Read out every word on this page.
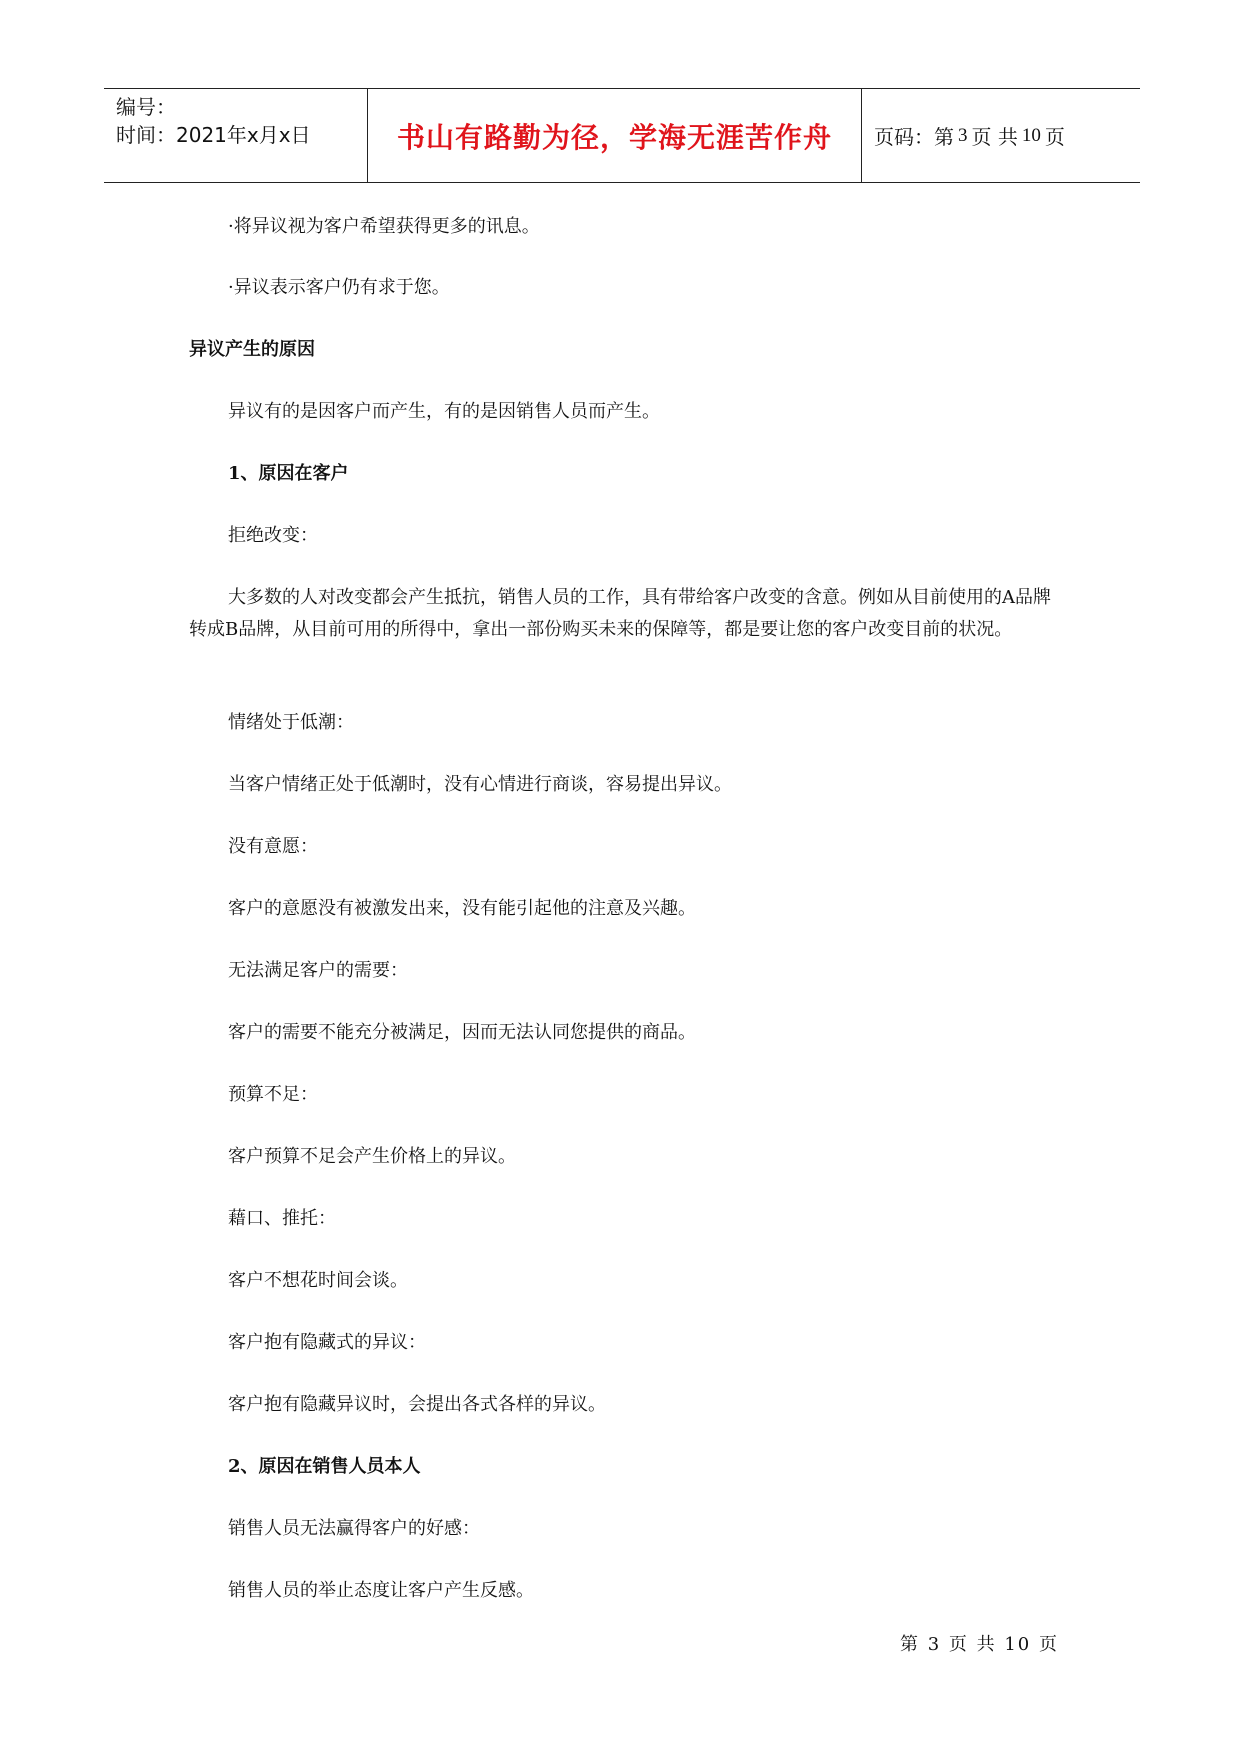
编号：
时间：2021年x月x日	书山有路勤为径，学海无涯苦作舟 页码：第 3 页 共 10 页
·将异议视为客户希望获得更多的讯息。
·异议表示客户仍有求于您。
异议产生的原因
异议有的是因客户而产生，有的是因销售人员而产生。
1、原因在客户
拒绝改变：
大多数的人对改变都会产生抵抗，销售人员的工作，具有带给客户改变的含意。例如从目前使用的A品牌转成B品牌，从目前可用的所得中，拿出一部份购买未来的保障等，都是要让您的客户改变目前的状况。
情绪处于低潮：
当客户情绪正处于低潮时，没有心情进行商谈，容易提出异议。
没有意愿：
客户的意愿没有被激发出来，没有能引起他的注意及兴趣。
无法满足客户的需要：
客户的需要不能充分被满足，因而无法认同您提供的商品。
预算不足：
客户预算不足会产生价格上的异议。
藉口、推托：
客户不想花时间会谈。
客户抱有隐藏式的异议：
客户抱有隐藏异议时，会提出各式各样的异议。
2、原因在销售人员本人
销售人员无法赢得客户的好感：
销售人员的举止态度让客户产生反感。
第 3 页 共 10 页
